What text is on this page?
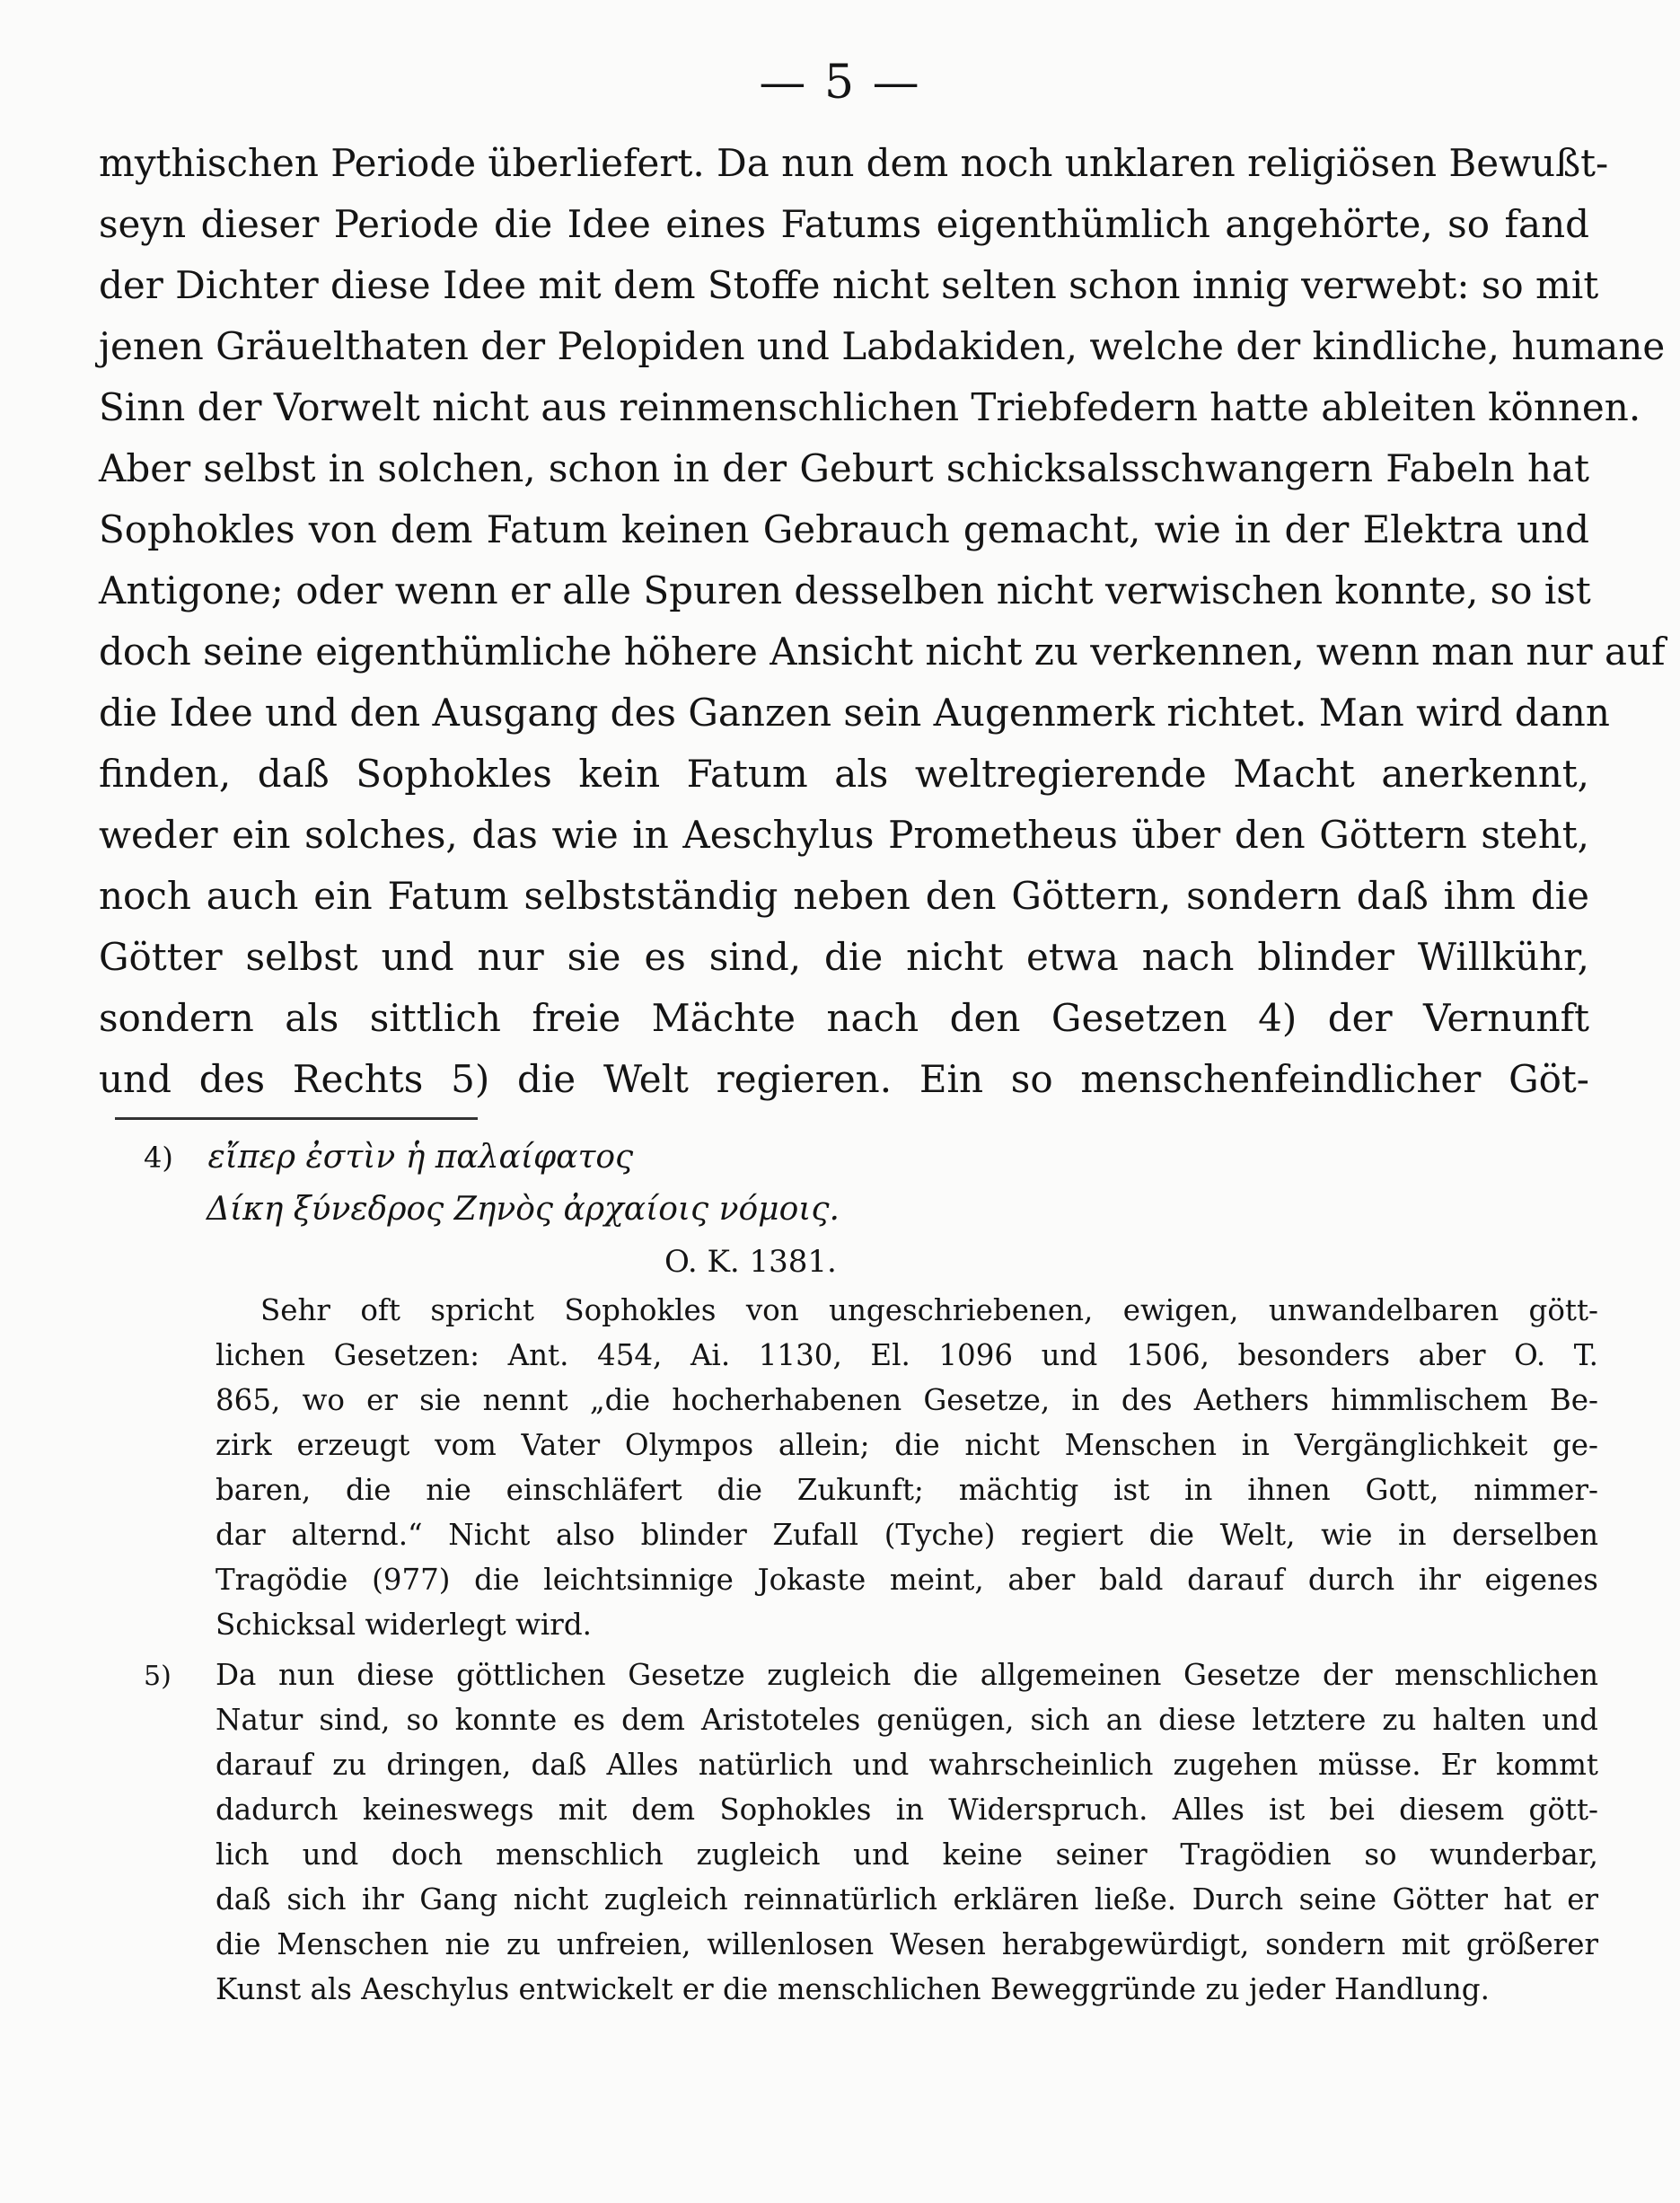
— 5 —
mythischen Periode überliefert. Da nun dem noch unklaren religiösen Bewußt-
seyn dieser Periode die Idee eines Fatums eigenthümlich angehörte, so fand
der Dichter diese Idee mit dem Stoffe nicht selten schon innig verwebt: so mit
jenen Gräuelthaten der Pelopiden und Labdakiden, welche der kindliche, humane
Sinn der Vorwelt nicht aus reinmenschlichen Triebfedern hatte ableiten können.
Aber selbst in solchen, schon in der Geburt schicksalsschwangern Fabeln hat
Sophokles von dem Fatum keinen Gebrauch gemacht, wie in der Elektra und
Antigone; oder wenn er alle Spuren desselben nicht verwischen konnte, so ist
doch seine eigenthümliche höhere Ansicht nicht zu verkennen, wenn man nur auf
die Idee und den Ausgang des Ganzen sein Augenmerk richtet. Man wird dann
finden, daß Sophokles kein Fatum als weltregierende Macht anerkennt,
weder ein solches, das wie in Aeschylus Prometheus über den Göttern steht,
noch auch ein Fatum selbstständig neben den Göttern, sondern daß ihm die
Götter selbst und nur sie es sind, die nicht etwa nach blinder Willkühr,
sondern als sittlich freie Mächte nach den Gesetzen 4) der Vernunft
und des Rechts 5) die Welt regieren. Ein so menschenfeindlicher Göt-
4) εἴπερ ἐστὶν ἡ παλαίφατος
Δίκη ξύνεδρος Ζηνὸς ἀρχαίοις νόμοις.
O. K. 1381.
Sehr oft spricht Sophokles von ungeschriebenen, ewigen, unwandelbaren gött-
lichen Gesetzen: Ant. 454, Ai. 1130, El. 1096 und 1506, besonders aber O. T.
865, wo er sie nennt „die hocherhabenen Gesetze, in des Aethers himmlischem Be-
zirk erzeugt vom Vater Olympos allein; die nicht Menschen in Vergänglichkeit ge-
baren, die nie einschläfert die Zukunft; mächtig ist in ihnen Gott, nimmer-
dar alternd.“ Nicht also blinder Zufall (Tyche) regiert die Welt, wie in derselben
Tragödie (977) die leichtsinnige Jokaste meint, aber bald darauf durch ihr eigenes
Schicksal widerlegt wird.
5)	Da nun diese göttlichen Gesetze zugleich die allgemeinen Gesetze der menschlichen
Natur sind, so konnte es dem Aristoteles genügen, sich an diese letztere zu halten und
darauf zu dringen, daß Alles natürlich und wahrscheinlich zugehen müsse. Er kommt
dadurch keineswegs mit dem Sophokles in Widerspruch. Alles ist bei diesem gött-
lich und doch menschlich zugleich und keine seiner Tragödien so wunderbar,
daß sich ihr Gang nicht zugleich reinnatürlich erklären ließe. Durch seine Götter hat er
die Menschen nie zu unfreien, willenlosen Wesen herabgewürdigt, sondern mit größerer
Kunst als Aeschylus entwickelt er die menschlichen Beweggründe zu jeder Handlung.
